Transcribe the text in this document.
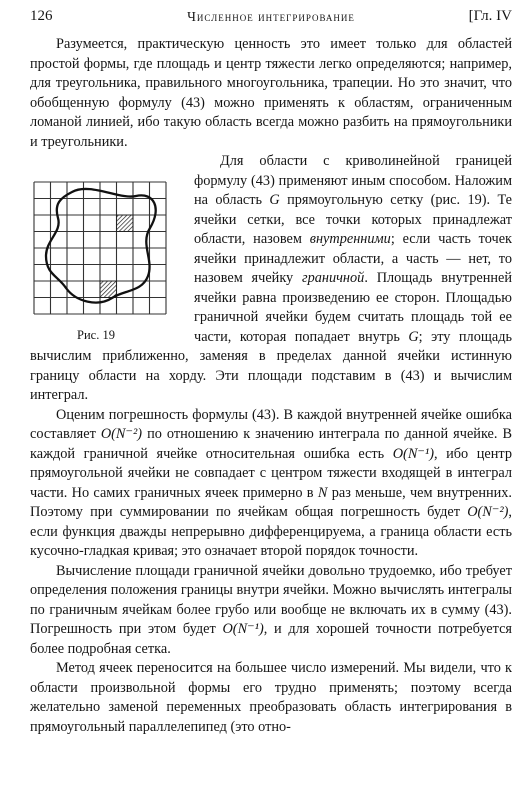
126	Численное интегрирование	[Гл. IV

Разумеется, практическую ценность это имеет только для областей простой формы, где площадь и центр тяжести легко определяются; например, для треугольника, правильного многоугольника, трапеции. Но это значит, что обобщенную формулу (43) можно применять к областям, ограниченным ломаной линией, ибо такую область всегда можно разбить на прямоугольники и треугольники.

Рис. 19

Для области с криволинейной границей формулу (43) применяют иным способом. Наложим на область G прямоугольную сетку (рис. 19). Те ячейки сетки, все точки которых принадлежат области, назовем внутренними; если часть точек ячейки принадлежит области, а часть — нет, то назовем ячейку граничной. Площадь внутренней ячейки равна произведению ее сторон. Площадью граничной ячейки будем считать площадь той ее части, которая попадает внутрь G; эту площадь вычислим приближенно, заменяя в пределах данной ячейки истинную границу области на хорду. Эти площади подставим в (43) и вычислим интеграл.

Оценим погрешность формулы (43). В каждой внутренней ячейке ошибка составляет O(N⁻²) по отношению к значению интеграла по данной ячейке. В каждой граничной ячейке относительная ошибка есть O(N⁻¹), ибо центр прямоугольной ячейки не совпадает с центром тяжести входящей в интеграл части. Но самих граничных ячеек примерно в N раз меньше, чем внутренних. Поэтому при суммировании по ячейкам общая погрешность будет O(N⁻²), если функция дважды непрерывно дифференцируема, а граница области есть кусочно-гладкая кривая; это означает второй порядок точности.

Вычисление площади граничной ячейки довольно трудоемко, ибо требует определения положения границы внутри ячейки. Можно вычислять интегралы по граничным ячейкам более грубо или вообще не включать их в сумму (43). Погрешность при этом будет O(N⁻¹), и для хорошей точности потребуется более подробная сетка.

Метод ячеек переносится на большее число измерений. Мы видели, что к области произвольной формы его трудно применять; поэтому всегда желательно заменой переменных преобразовать область интегрирования в прямоугольный параллелепипед (это отно-
